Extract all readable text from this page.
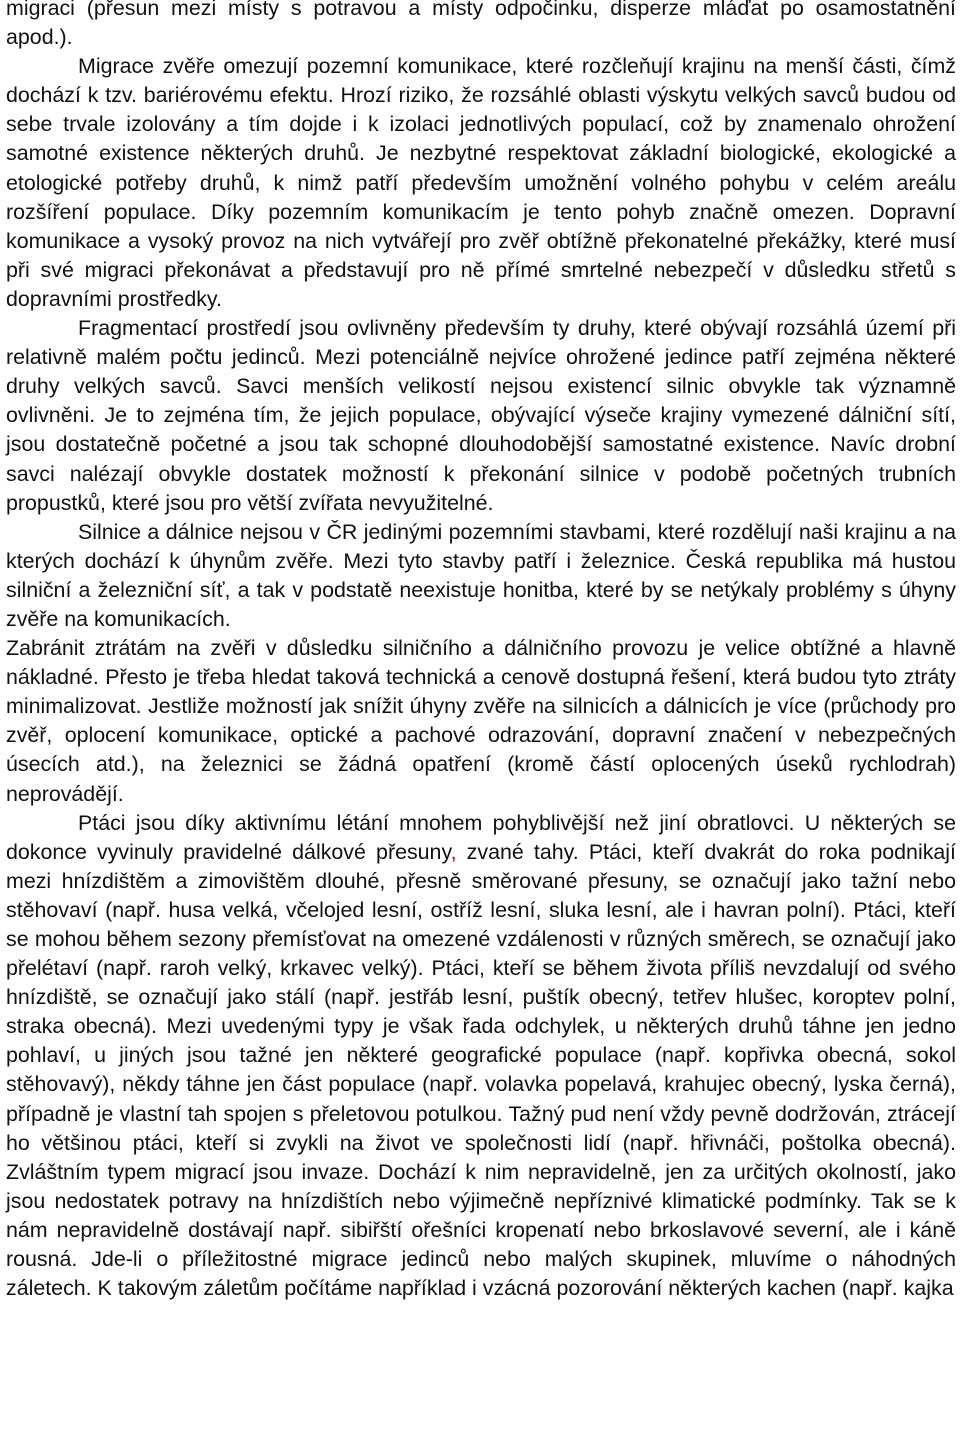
migraci (přesun mezi místy s potravou a místy odpočinku, disperze mláďat po osamostatnění apod.).

Migrace zvěře omezují pozemní komunikace, které rozčleňují krajinu na menší části, čímž dochází k tzv. bariérovému efektu. Hrozí riziko, že rozsáhlé oblasti výskytu velkých savců budou od sebe trvale izolovány a tím dojde i k izolaci jednotlivých populací, což by znamenalo ohrožení samotné existence některých druhů. Je nezbytné respektovat základní biologické, ekologické a etologické potřeby druhů, k nimž patří především umožnění volného pohybu v celém areálu rozšíření populace. Díky pozemním komunikacím je tento pohyb značně omezen. Dopravní komunikace a vysoký provoz na nich vytvářejí pro zvěř obtížně překonatelné překážky, které musí při své migraci překonávat a představují pro ně přímé smrtelné nebezpečí v důsledku střetů s dopravními prostředky.

Fragmentací prostředí jsou ovlivněny především ty druhy, které obývají rozsáhlá území při relativně malém počtu jedinců. Mezi potenciálně nejvíce ohrožené jedince patří zejména některé druhy velkých savců. Savci menších velikostí nejsou existencí silnic obvykle tak významně ovlivněni. Je to zejména tím, že jejich populace, obývající výseče krajiny vymezené dálniční sítí, jsou dostatečně početné a jsou tak schopné dlouhodobější samostatné existence. Navíc drobní savci nalézají obvykle dostatek možností k překonání silnice v podobě početných trubních propustků, které jsou pro větší zvířata nevyužitelné.

Silnice a dálnice nejsou v ČR jedinými pozemními stavbami, které rozdělují naši krajinu a na kterých dochází k úhynům zvěře. Mezi tyto stavby patří i železnice. Česká republika má hustou silniční a železniční síť, a tak v podstatě neexistuje honitba, které by se netýkaly problémy s úhyny zvěře na komunikacích.

Zabránit ztrátám na zvěři v důsledku silničního a dálničního provozu je velice obtížné a hlavně nákladné. Přesto je třeba hledat taková technická a cenově dostupná řešení, která budou tyto ztráty minimalizovat. Jestliže možností jak snížit úhyny zvěře na silnicích a dálnicích je více (průchody pro zvěř, oplocení komunikace, optické a pachové odrazování, dopravní značení v nebezpečných úsecích atd.), na železnici se žádná opatření (kromě částí oplocených úseků rychlodrah) neprovádějí.

Ptáci jsou díky aktivnímu létání mnohem pohyblivější než jiní obratlovci. U některých se dokonce vyvinuly pravidelné dálkové přesuny, zvané tahy. Ptáci, kteří dvakrát do roka podnikají mezi hnízdištěm a zimovištěm dlouhé, přesně směrované přesuny, se označují jako tažní nebo stěhovaví (např. husa velká, včelojed lesní, ostříž lesní, sluka lesní, ale i havran polní). Ptáci, kteří se mohou během sezony přemísťovat na omezené vzdálenosti v různých směrech, se označují jako přelétaví (např. raroh velký, krkavec velký). Ptáci, kteří se během života příliš nevzdalují od svého hnízdiště, se označují jako stálí (např. jestřáb lesní, puštík obecný, tetřev hlušec, koroptev polní, straka obecná). Mezi uvedenými typy je však řada odchylek, u některých druhů táhne jen jedno pohlaví, u jiných jsou tažné jen některé geografické populace (např. kopřivka obecná, sokol stěhovavý), někdy táhne jen část populace (např. volavka popelavá, krahujec obecný, lyska černá), případně je vlastní tah spojen s přeletovou potulkou. Tažný pud není vždy pevně dodržován, ztrácejí ho většinou ptáci, kteří si zvykli na život ve společnosti lidí (např. hřivnáči, poštolka obecná). Zvláštním typem migrací jsou invaze. Dochází k nim nepravidelně, jen za určitých okolností, jako jsou nedostatek potravy na hnízdištích nebo výjimečně nepříznivé klimatické podmínky. Tak se k nám nepravidelně dostávají např. sibiřští ořešníci kropenatí nebo brkoslavové severní, ale i káně rousná. Jde-li o příležitostné migrace jedinců nebo malých skupinek, mluvíme o náhodných záletech. K takovým záletům počítáme například i vzácná pozorování některých kachen (např. kajka
